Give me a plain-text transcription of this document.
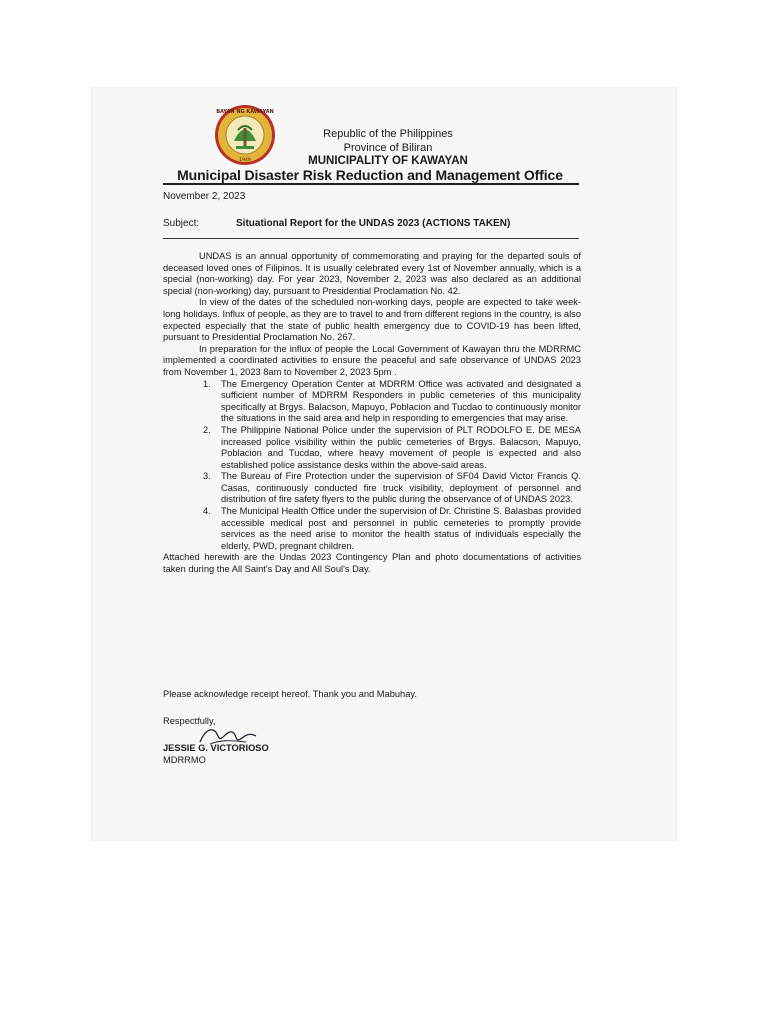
BAYAN NG KAWAYAN
1949
Republic of the Philippines
Province of Biliran
MUNICIPALITY OF KAWAYAN
Municipal Disaster Risk Reduction and Management Office
November 2, 2023
Subject:	Situational Report for the UNDAS 2023 (ACTIONS TAKEN)

UNDAS is an annual opportunity of commemorating and praying for the departed souls of deceased loved ones of Filipinos. It is usually celebrated every 1st of November annually, which is a special (non-working) day. For year 2023, November 2, 2023 was also declared as an additional special (non-working) day, pursuant to Presidential Proclamation No. 42.

In view of the dates of the scheduled non-working days, people are expected to take week-long holidays. Influx of people, as they are to travel to and from different regions in the country, is also expected especially that the state of public health emergency due to COVID-19 has been lifted, pursuant to Presidential Proclamation No. 267.

In preparation for the influx of people the Local Government of Kawayan thru the MDRRMC implemented a coordinated activities to ensure the peaceful and safe observance of UNDAS 2023 from November 1, 2023 8am to November 2, 2023 5pm .

1. The Emergency Operation Center at MDRRM Office was activated and designated a sufficient number of MDRRM Responders in public cemeteries of this municipality specifically at Brgys. Balacson, Mapuyo, Poblacion and Tucdao to continuously monitor the situations in the said area and help in responding to emergencies that may arise.
2. The Philippine National Police under the supervision of PLT RODOLFO E. DE MESA increased police visibility within the public cemeteries of Brgys. Balacson, Mapuyo, Poblacion and Tucdao, where heavy movement of people is expected and also established police assistance desks within the above-said areas.
3. The Bureau of Fire Protection under the supervision of SF04 David Victor Francis Q. Casas, continuously conducted fire truck visibility, deployment of personnel and distribution of fire safety flyers to the public during the observance of of UNDAS 2023.
4. The Municipal Health Office under the supervision of Dr. Christine S. Balasbas provided accessible medical post and personnel in public cemeteries to promptly provide services as the need arise to monitor the health status of individuals especially the elderly, PWD, pregnant children.

Attached herewith are the Undas 2023 Contingency Plan and photo documentations of activities taken during the All Saint's Day and All Soul's Day.

Please acknowledge receipt hereof. Thank you and Mabuhay.
Respectfully,
JESSIE G. VICTORIOSO
MDRRMO
